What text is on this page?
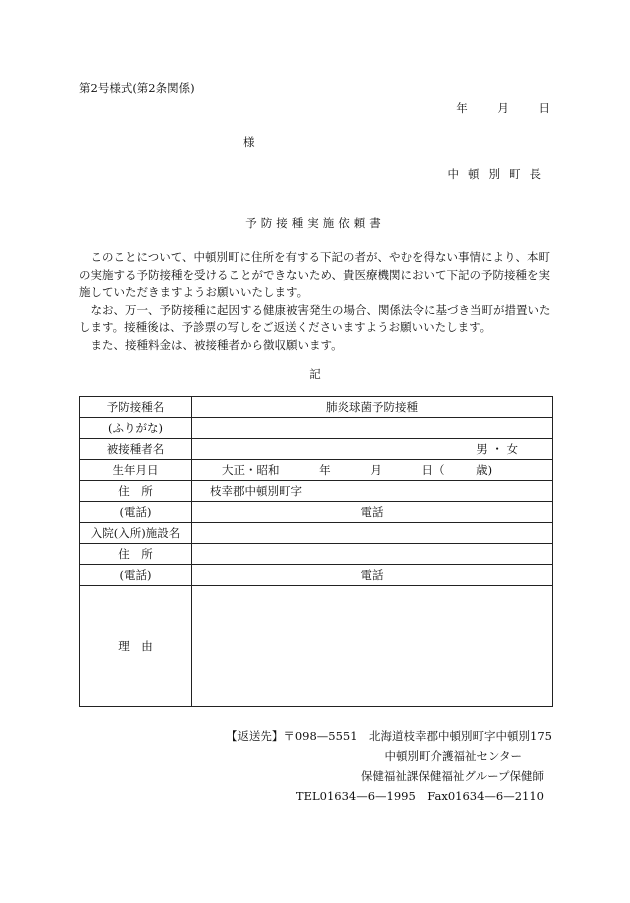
第2号様式(第2条関係)
年	月	日
様
中頓別町長
予防接種実施依頼書

このことについて、中頓別町に住所を有する下記の者が、やむを得ない事情により、本町の実施する予防接種を受けることができないため、貴医療機関において下記の予防接種を実施していただきますようお願いいたします。

なお、万一、予防接種に起因する健康被害発生の場合、関係法令に基づき当町が措置いたします。接種後は、予診票の写しをご返送くださいますようお願いいたします。

また、接種料金は、被接種者から徴収願います。

記
予防接種名	肺炎球菌予防接種
(ふりがな)	
被接種者名	男 ・ 女

生年月日	大正・昭和 年 月 日（ 歳)
住　所	枝幸郡中頓別町字
(電話)	電話
入院(入所)施設名	
住　所	
(電話)	電話
理　由	
【返送先】〒098—5551　北海道枝幸郡中頓別町字中頓別175
中頓別町介護福祉センター
保健福祉課保健福祉グループ保健師
TEL01634—6—1995　Fax01634—6—2110
